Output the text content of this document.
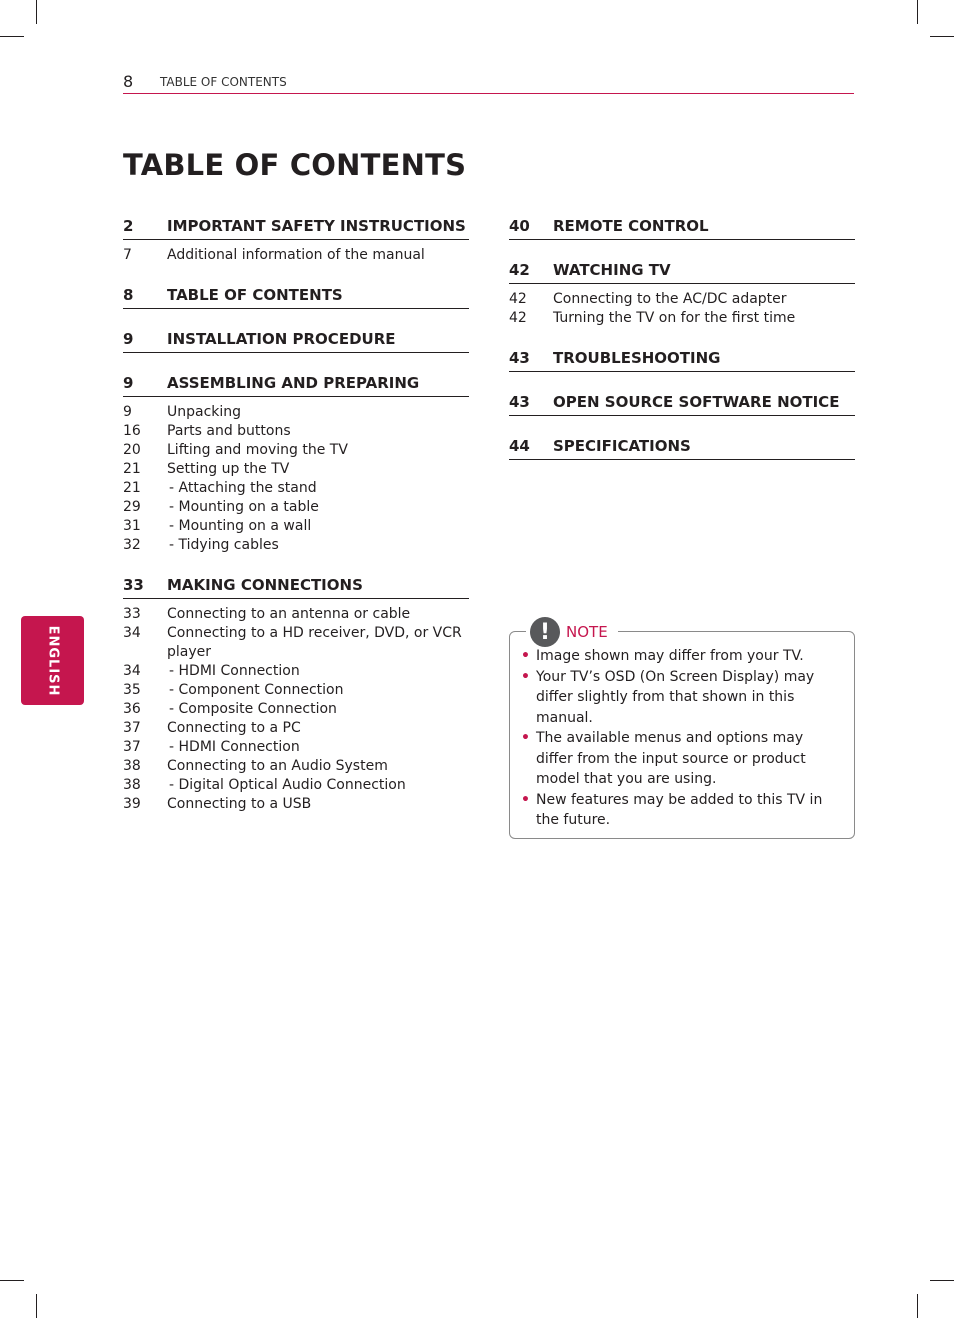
8 TABLE OF CONTENTS
TABLE OF CONTENTS
ENGLISH
2	IMPORTANT SAFETY INSTRUCTIONS
7	Additional information of the manual
8	TABLE OF CONTENTS
9	INSTALLATION PROCEDURE
9	ASSEMBLING AND PREPARING
9	Unpacking
16	Parts and buttons
20	Lifting and moving the TV
21	Setting up the TV
21	- Attaching the stand
29	- Mounting on a table
31	- Mounting on a wall
32	- Tidying cables
33	MAKING CONNECTIONS
33	Connecting to an antenna or cable
34	Connecting to a HD receiver, DVD, or VCR player
34	- HDMI Connection
35	- Component Connection
36	- Composite Connection
37	Connecting to a PC
37	- HDMI Connection
38	Connecting to an Audio System
38	- Digital Optical Audio Connection
39	Connecting to a USB
40	REMOTE CONTROL
42	WATCHING TV
42	Connecting to the AC/DC adapter
42	Turning the TV on for the first time
43	TROUBLESHOOTING
43	OPEN SOURCE SOFTWARE NOTICE
44	SPECIFICATIONS
!	NOTE
• Image shown may differ from your TV.
• Your TV’s OSD (On Screen Display) may differ slightly from that shown in this manual.
• The available menus and options may differ from the input source or product model that you are using.
• New features may be added to this TV in the future.
